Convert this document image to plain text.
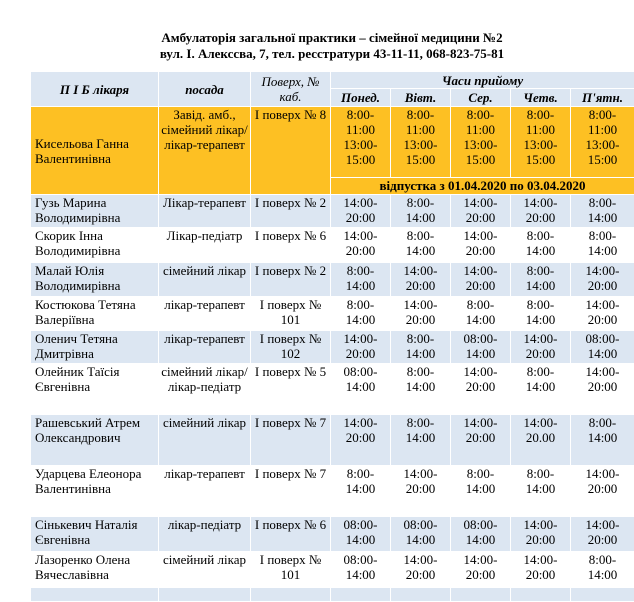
Амбулаторія загальної практики – сімейної медицини №2
вул. І. Алекссва, 7, тел. ресстратури 43-11-11, 068-823-75-81
П І Б лікаря	посада	Поверх, № каб.	Часи прийому				
			Понед.	Вівт.	Сер.	Четв.	П'ятн.
Кисельова Ганна Валентинівна	Завід. амб., сімейний лікар/лікар-терапевт	І поверх № 8	8:00-
11:00
13:00-
15:00	8:00-
11:00
13:00-
15:00	8:00-
11:00
13:00-
15:00	8:00-
11:00
13:00-
15:00	8:00-
11:00
13:00-
15:00
			відпустка з 01.04.2020 по 03.04.2020				
Гузь Марина Володимирівна	Лікар-терапевт	І поверх № 2	14:00-
20:00	8:00-
14:00	14:00-
20:00	14:00-
20:00	8:00-
14:00
Скорик Інна Володимирівна	Лікар-педіатр	І поверх № 6	14:00-
20:00	8:00-
14:00	14:00-
20:00	8:00-
14:00	8:00-
14:00
Малай Юлія Володимирівна	сімейний лікар	І поверх № 2	8:00-
14:00	14:00-
20:00	14:00-
20:00	8:00-
14:00	14:00-
20:00
Костюкова Тетяна Валеріївна	лікар-терапевт	І поверх № 101	8:00-
14:00	14:00-
20:00	8:00-
14:00	8:00-
14:00	14:00-
20:00
Оленич Тетяна Дмитрівна	лікар-терапевт	І поверх № 102	14:00-
20:00	8:00-
14:00	08:00-
14:00	14:00-
20:00	08:00-
14:00
Олейник Таїсія Євгенівна	сімейний лікар/лікар-педіатр	І поверх № 5	08:00-
14:00	8:00-
14:00	14:00-
20:00	8:00-
14:00	14:00-
20:00
Рашевський Атрем Олександрович	сімейний лікар	І поверх № 7	14:00-
20:00	8:00-
14:00	14:00-
20:00	14:00-
20.00	8:00-
14:00
Ударцева Елеонора Валентинівна	лікар-терапевт	І поверх № 7	8:00-
14:00	14:00-
20:00	8:00-
14:00	8:00-
14:00	14:00-
20:00
Сінькевич Наталія Євгенівна	лікар-педіатр	І поверх № 6	08:00-
14:00	08:00-
14:00	08:00-
14:00	14:00-
20:00	14:00-
20:00
Лазоренко Олена Вячеславівна	сімейний лікар	І поверх № 101	08:00-
14:00	14:00-
20:00	14:00-
20:00	14:00-
20:00	8:00-
14:00
